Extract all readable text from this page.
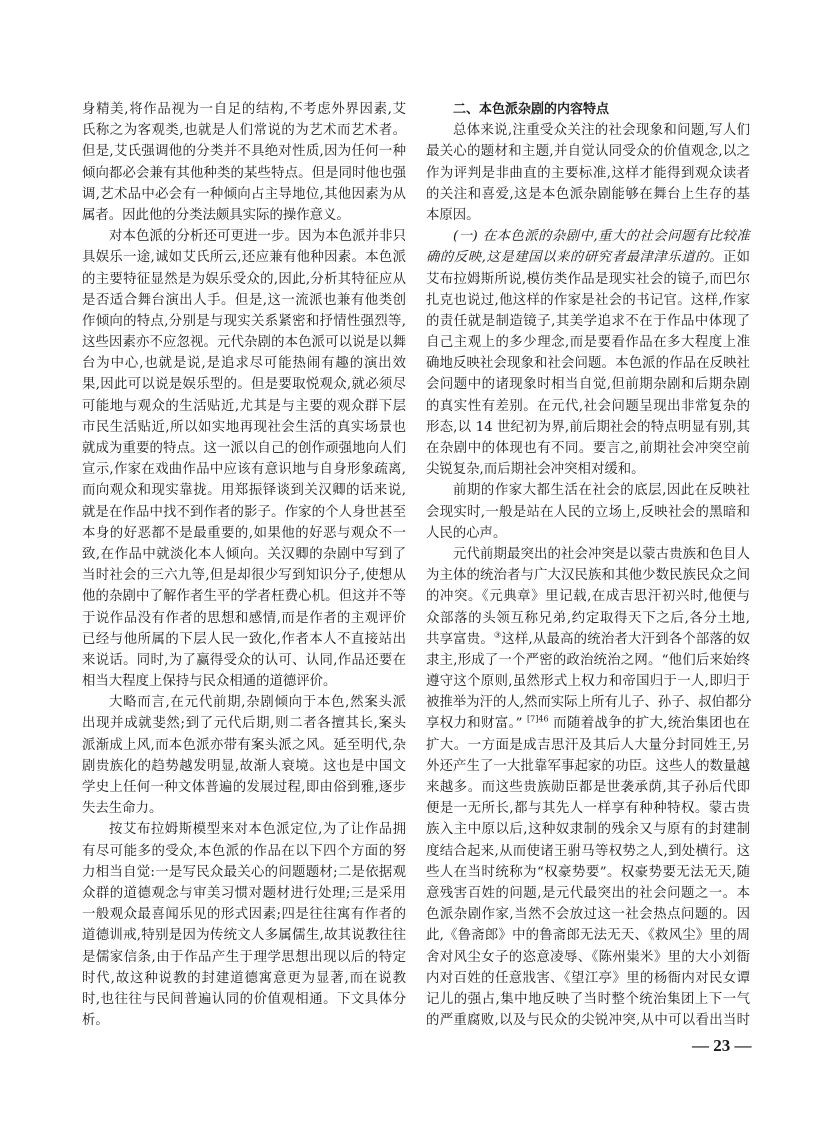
身精美,将作品视为一自足的结构,不考虑外界因素,艾
氏称之为客观类,也就是人们常说的为艺术而艺术者。
但是,艾氏强调他的分类并不具绝对性质,因为任何一种
倾向都必会兼有其他种类的某些特点。但是同时他也强
调,艺术品中必会有一种倾向占主导地位,其他因素为从
属者。因此他的分类法颇具实际的操作意义。
对本色派的分析还可更进一步。因为本色派并非只
具娱乐一途,诚如艾氏所云,还应兼有他种因素。本色派
的主要特征显然是为娱乐受众的,因此,分析其特征应从
是否适合舞台演出人手。但是,这一流派也兼有他类创
作倾向的特点,分别是与现实关系紧密和抒情性强烈等,
这些因素亦不应忽视。元代杂剧的本色派可以说是以舞
台为中心,也就是说,是追求尽可能热闹有趣的演出效
果,因此可以说是娱乐型的。但是要取悦观众,就必须尽
可能地与观众的生活贴近,尤其是与主要的观众群下层
市民生活贴近,所以如实地再现社会生活的真实场景也
就成为重要的特点。这一派以自己的创作顽强地向人们
宣示,作家在戏曲作品中应该有意识地与自身形象疏离,
而向观众和现实靠拢。用郑振铎谈到关汉卿的话来说,
就是在作品中找不到作者的影子。作家的个人身世甚至
本身的好恶都不是最重要的,如果他的好恶与观众不一
致,在作品中就淡化本人倾向。关汉卿的杂剧中写到了
当时社会的三六九等,但是却很少写到知识分子,使想从
他的杂剧中了解作者生平的学者枉费心机。但这并不等
于说作品没有作者的思想和感情,而是作者的主观评价
已经与他所属的下层人民一致化,作者本人不直接站出
来说话。同时,为了赢得受众的认可、认同,作品还要在
相当大程度上保持与民众相通的道德评价。
大略而言,在元代前期,杂剧倾向于本色,然案头派
出现并成就斐然;到了元代后期,则二者各擅其长,案头
派渐成上风,而本色派亦带有案头派之风。延至明代,杂
剧贵族化的趋势越发明显,故渐人衰境。这也是中国文
学史上任何一种文体普遍的发展过程,即由俗到雅,逐步
失去生命力。
按艾布拉姆斯模型来对本色派定位,为了让作品拥
有尽可能多的受众,本色派的作品在以下四个方面的努
力相当自觉:一是写民众最关心的问题题材;二是依据观
众群的道德观念与审美习惯对题材进行处理;三是采用
一般观众最喜闻乐见的形式因素;四是往往寓有作者的
道德训戒,特别是因为传统文人多属儒生,故其说教往往
是儒家信条,由于作品产生于理学思想出现以后的特定
时代,故这种说教的封建道德寓意更为显著,而在说教
时,也往往与民间普遍认同的价值观相通。下文具体分
析。
二、本色派杂剧的内容特点
总体来说,注重受众关注的社会现象和问题,写人们
最关心的题材和主题,并自觉认同受众的价值观念,以之
作为评判是非曲直的主要标准,这样才能得到观众读者
的关注和喜爱,这是本色派杂剧能够在舞台上生存的基
本原因。
(一) 在本色派的杂剧中,重大的社会问题有比较准
确的反映,这是建国以来的研究者最津津乐道的。正如
艾布拉姆斯所说,模仿类作品是现实社会的镜子,而巴尔
扎克也说过,他这样的作家是社会的书记官。这样,作家
的责任就是制造镜子,其美学追求不在于作品中体现了
自己主观上的多少理念,而是要看作品在多大程度上准
确地反映社会现象和社会问题。本色派的作品在反映社
会问题中的诸现象时相当自觉,但前期杂剧和后期杂剧
的真实性有差别。在元代,社会问题呈现出非常复杂的
形态,以 14 世纪初为界,前后期社会的特点明显有别,其
在杂剧中的体现也有不同。要言之,前期社会冲突空前
尖锐复杂,而后期社会冲突相对缓和。
前期的作家大都生活在社会的底层,因此在反映社
会现实时,一般是站在人民的立场上,反映社会的黑暗和
人民的心声。
元代前期最突出的社会冲突是以蒙古贵族和色目人
为主体的统治者与广大汉民族和其他少数民族民众之间
的冲突。《元典章》里记载,在成吉思汗初兴时,他便与
众部落的头领互称兄弟,约定取得天下之后,各分土地,
共享富贵。③这样,从最高的统治者大汗到各个部落的奴
隶主,形成了一个严密的政治统治之网。“他们后来始终
遵守这个原则,虽然形式上权力和帝国归于一人,即归于
被推举为汗的人,然而实际上所有儿子、孙子、叔伯都分
享权力和财富。” $^{[7]46}$ 而随着战争的扩大,统治集团也在
扩大。一方面是成吉思汗及其后人大量分封同姓王,另
外还产生了一大批靠军事起家的功臣。这些人的数量越
来越多。而这些贵族勋臣都是世袭承荫,其子孙后代即
便是一无所长,都与其先人一样享有种种特权。蒙古贵
族入主中原以后,这种奴隶制的残余又与原有的封建制
度结合起来,从而使诸王驸马等权势之人,到处横行。这
些人在当时统称为“权豪势要”。权豪势要无法无天,随
意残害百姓的问题,是元代最突出的社会问题之一。本
色派杂剧作家,当然不会放过这一社会热点问题的。因
此,《鲁斋郎》中的鲁斋郎无法无天、《救风尘》里的周
舍对风尘女子的恣意凌辱、《陈州粜米》里的大小刘衙
内对百姓的任意戕害、《望江亭》里的杨衙内对民女谭
记儿的强占,集中地反映了当时整个统治集团上下一气
的严重腐败,以及与民众的尖锐冲突,从中可以看出当时
— 23 —
